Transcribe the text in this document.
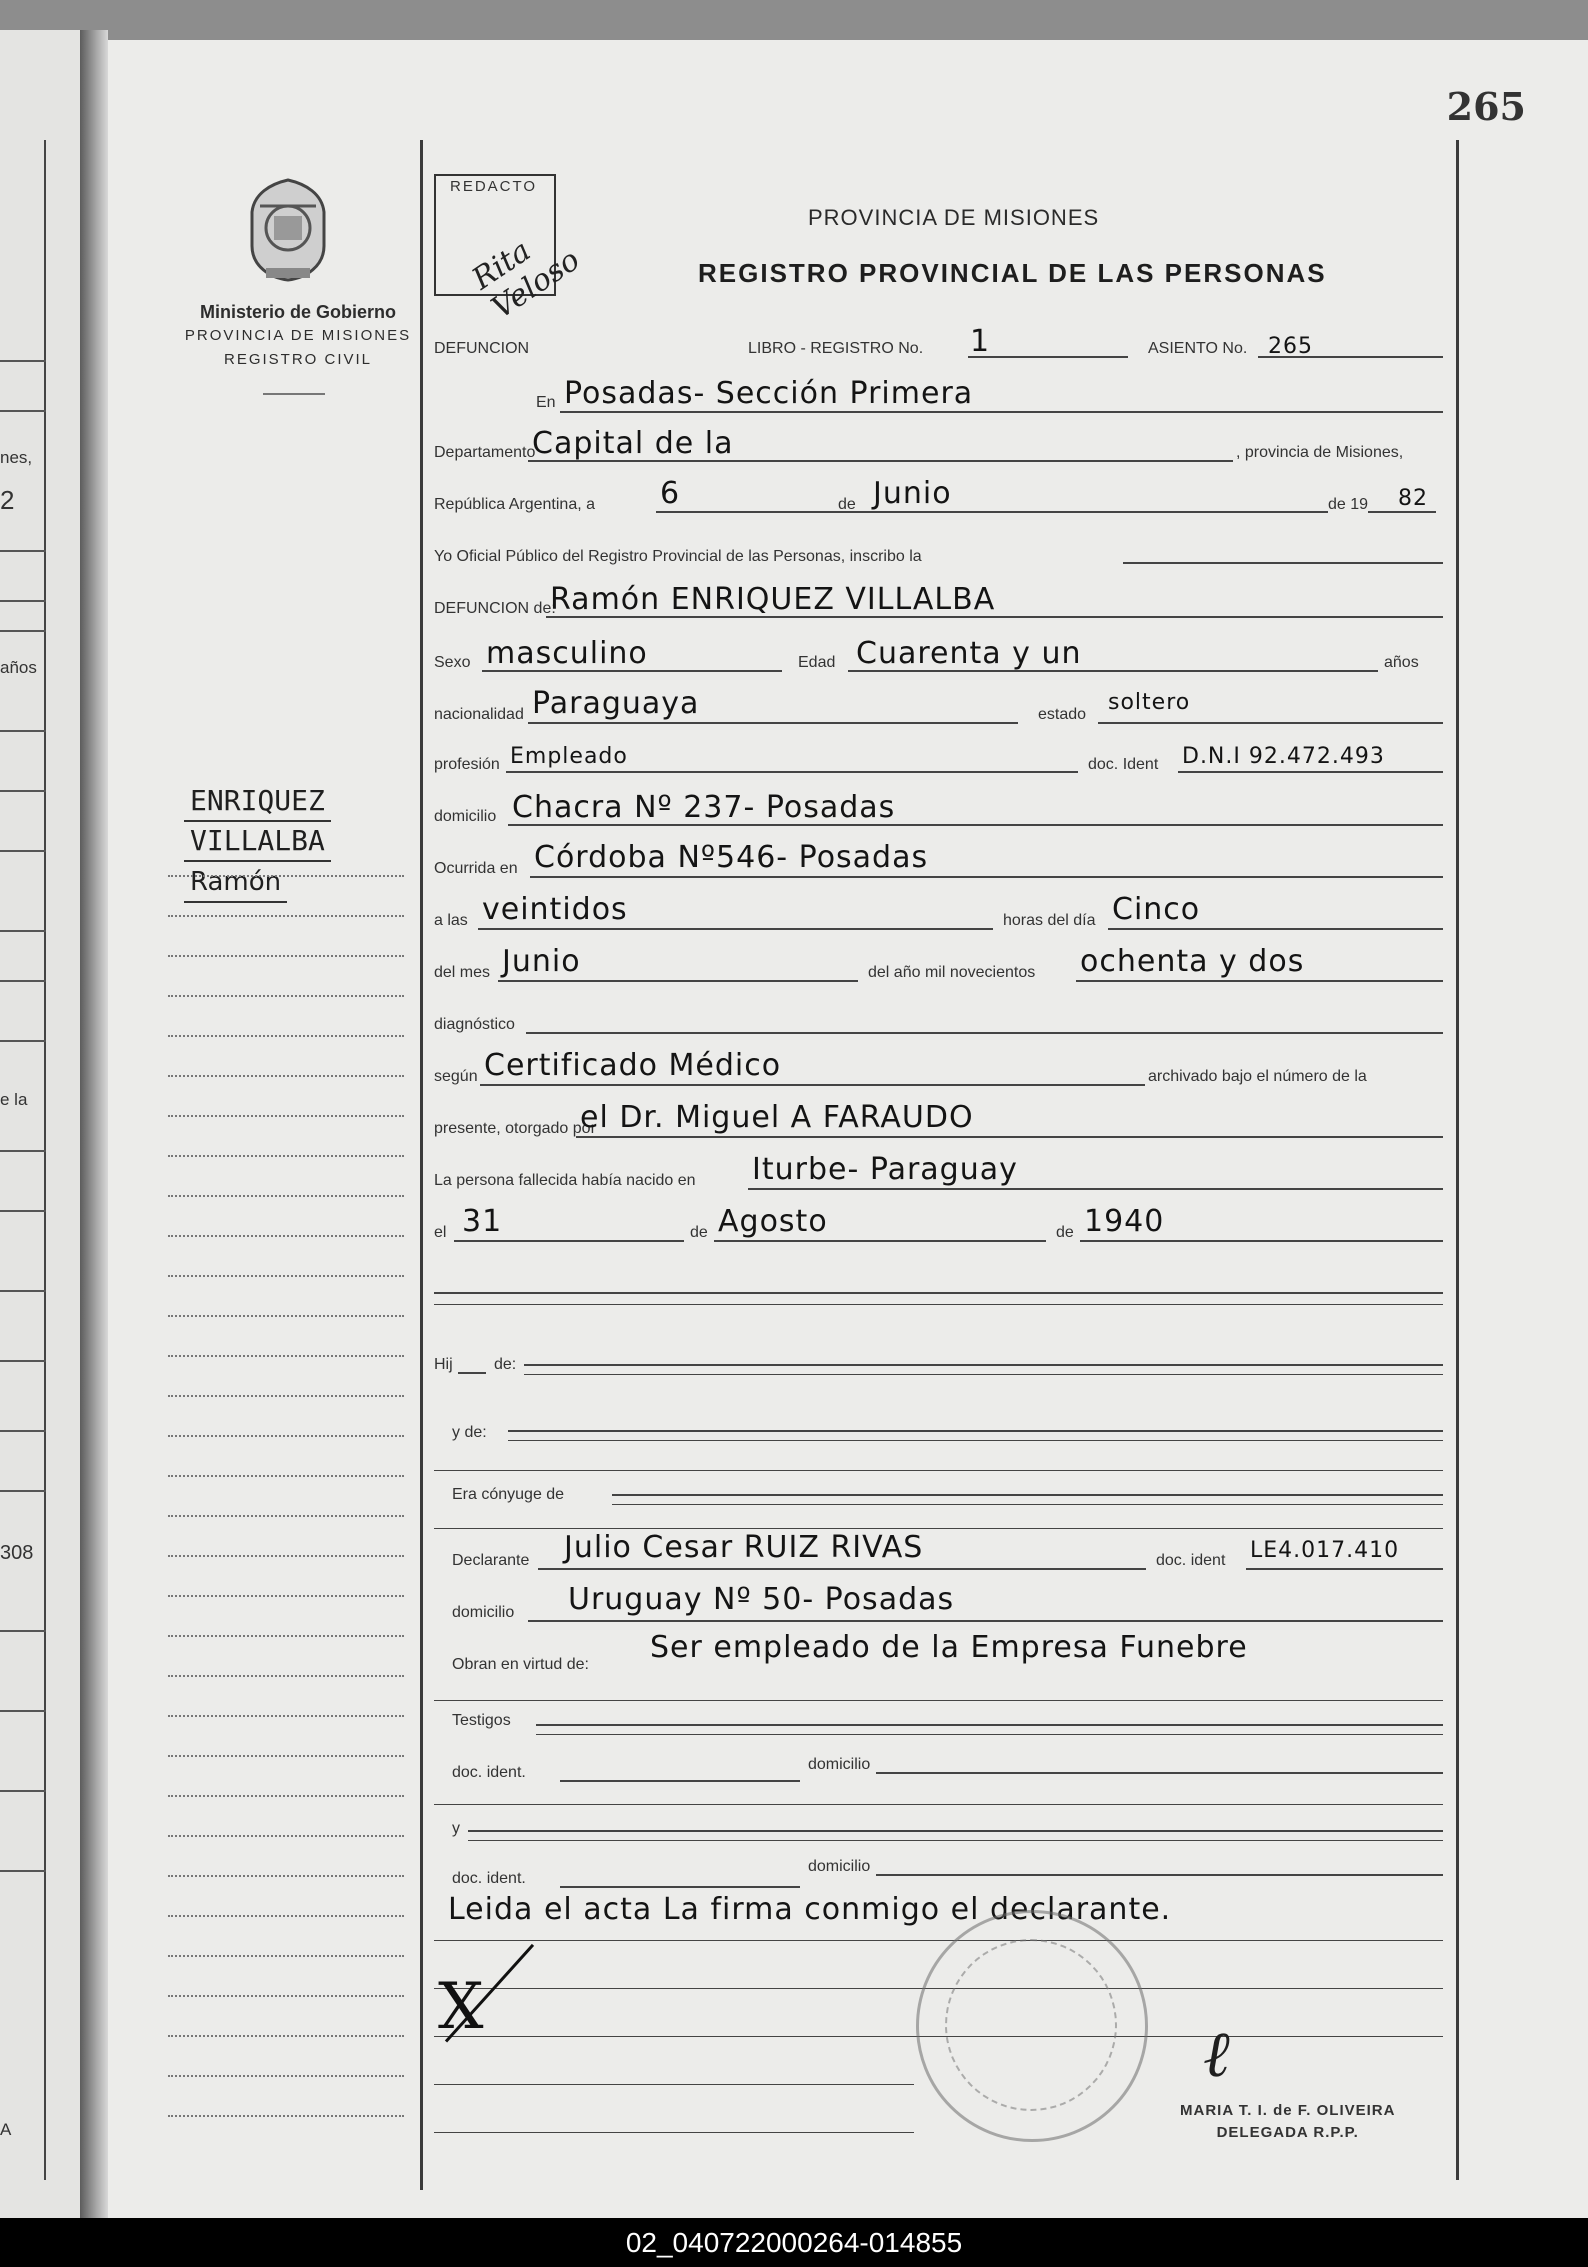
nes,
2
años
e la
308
A
265
Ministerio de Gobierno
PROVINCIA DE MISIONES
REGISTRO CIVIL
ENRIQUEZ
VILLALBA
Ramón
REDACTO
Rita Veloso
PROVINCIA DE MISIONES
REGISTRO PROVINCIAL DE LAS PERSONAS
DEFUNCION	LIBRO - REGISTRO No. 1	ASIENTO No. 265
En Posadas- Sección Primera
Departamento
Capital de la	, provincia de Misiones,
República Argentina, a 6	de Junio	de 19 82
Yo Oficial Público del Registro Provincial de las Personas, inscribo la
DEFUNCION de:
Ramón ENRIQUEZ VILLALBA
Sexo masculino	Edad Cuarenta y un	años
nacionalidad Paraguaya	estado soltero
profesión Empleado	doc. Ident D.N.I 92.472.493
domicilio Chacra Nº 237- Posadas
Ocurrida en Córdoba Nº546- Posadas
a las veintidos	horas del día Cinco
del mes Junio	del año mil novecientos ochenta y dos
diagnóstico
según Certificado Médico	archivado bajo el número de la
presente, otorgado por
el Dr. Miguel A FARAUDO
La persona fallecida había nacido en Iturbe- Paraguay
el 31	de Agosto	de 1940
Hij	de:
y de:
Era cónyuge de
Declarante Julio Cesar RUIZ RIVAS	doc. ident LE4.017.410
domicilio Uruguay Nº 50- Posadas
Obran en virtud de: Ser empleado de la Empresa Funebre
Testigos
doc. ident.	domicilio
y
doc. ident.
domicilio
Leida el acta La firma conmigo el declarante.
X
ℓ
MARIA T. I. de F. OLIVEIRA
DELEGADA R.P.P.
02_040722000264-014855
